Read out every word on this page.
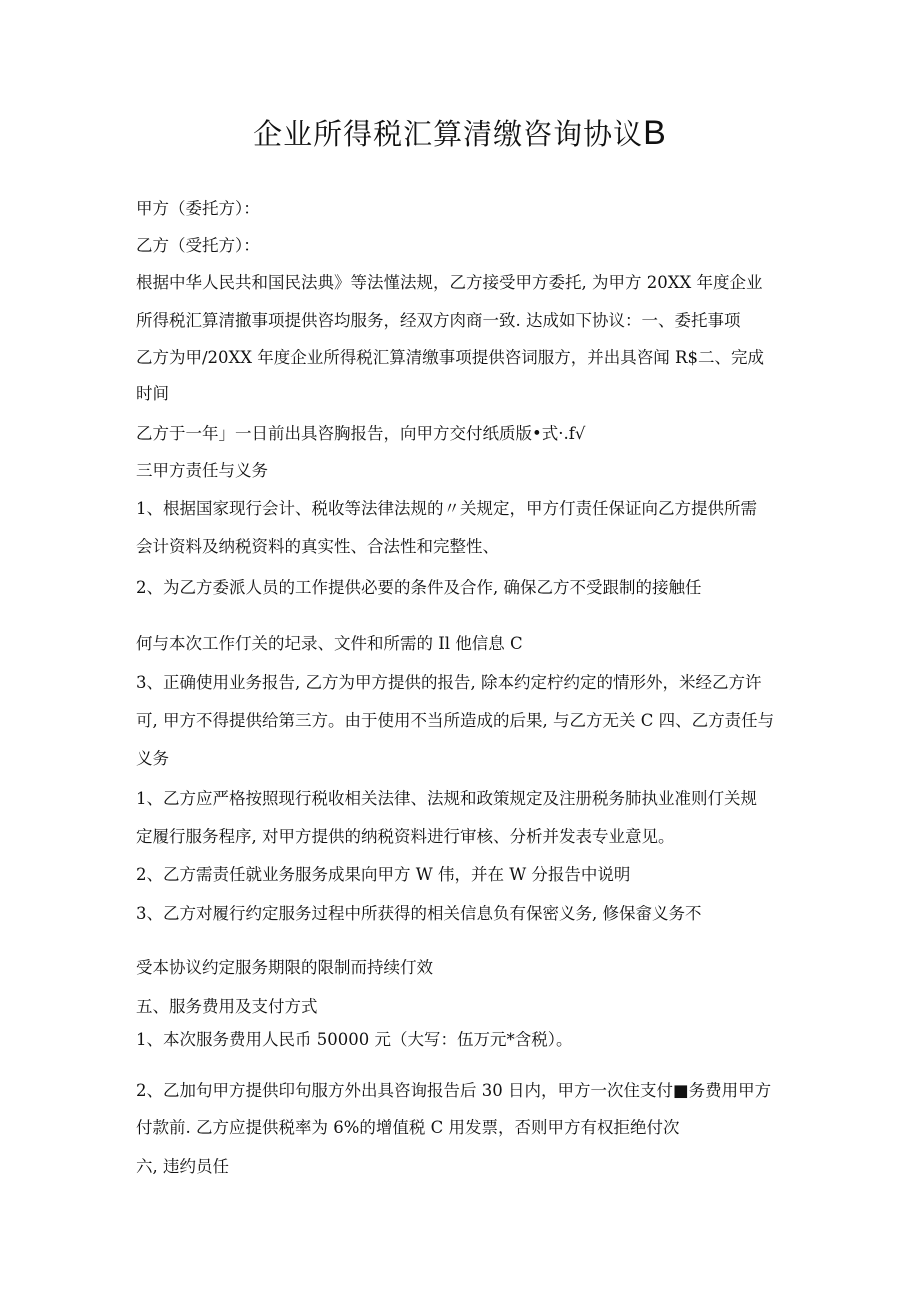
企业所得税汇算清缴咨询协议B
甲方（委托方）：
乙方（受托方）：
根据中华人民共和国民法典》等法慬法规，乙方接受甲方委托, 为甲方 20XX 年度企业
所得税汇算清撤事项提供咨均服务，经双方肉商一致. 达成如下协议：一、委托事项
乙方为甲∕20XX 年度企业所得税汇算清缴事项提供咨词服方，并出具咨闻 R$二、完成
时间
乙方于一年」一日前出具咨胸报告，向甲方交付纸质版•式·.f√
三甲方责任与义务
1、根据国家现行会计、税收等法律法规的〃关规定，甲方仃责任保证向乙方提供所需
会计资料及纳税资料的真实性、合法性和完整性、
2、为乙方委派人员的工作提供必要的条件及合作, 确保乙方不受跟制的接触任
何与本次工作仃关的圮录、文件和所需的 Il 他信息 C
3、正确使用业务报告, 乙方为甲方提供的报告, 除本约定柠约定的情形外，米经乙方许
可, 甲方不得提供给第三方。由于使用不当所造成的后果, 与乙方无关 C 四、乙方责任与
义务
1、乙方应严格按照现行税收相关法律、法规和政策规定及注册税务肺执业准则仃关规
定履行服务程序, 对甲方提供的纳税资料进行审核、分析并发表专业意见。
2、乙方需责任就业务服务成果向甲方 W 伟，并在 W 分报告中说明
3、乙方对履行约定服务过程中所获得的相关信息负有保密义务, 修保畲义务不
受本协议约定服务期限的限制而持续仃效
五、服务费用及支付方式
1、本次服务费用人民币 50000 元（大写：伍万元*含税）。
2、乙加句甲方提供印句服方外出具咨询报告后 30 日内，甲方一次住支付■务费用甲方
付款前. 乙方应提供税率为 6%的增值税 C 用发票，否则甲方有权拒绝付次
六, 违约员任
